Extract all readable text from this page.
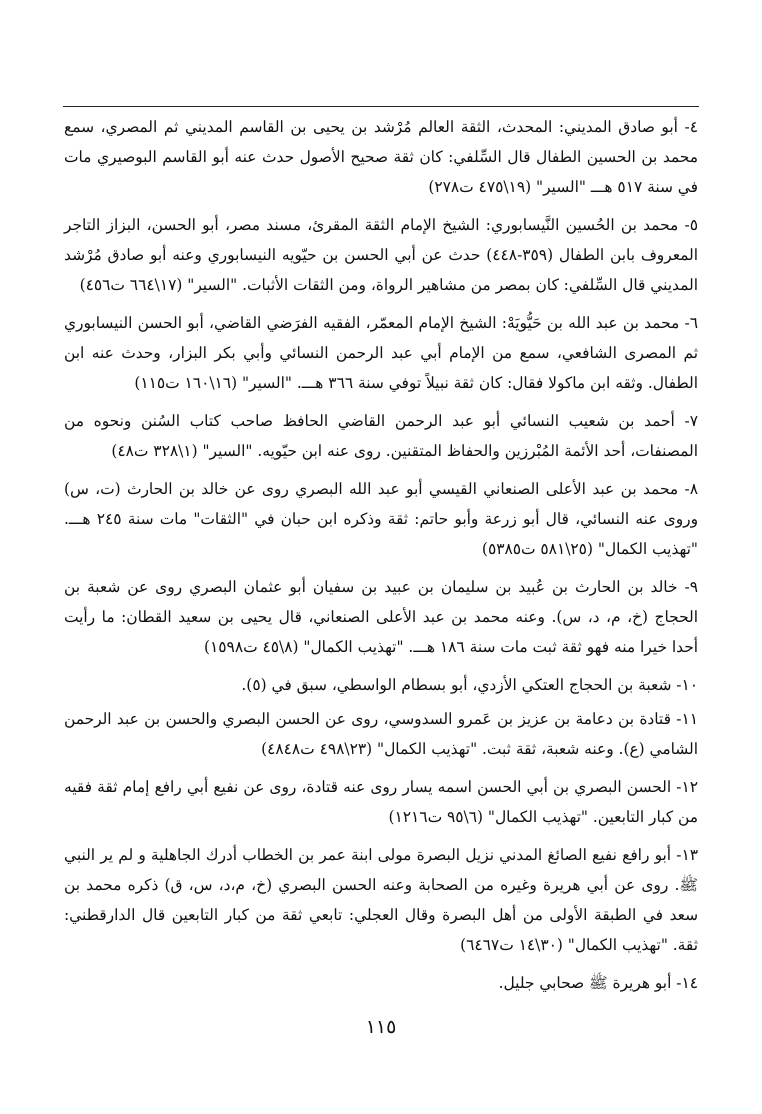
٤- أبو صادق المديني: المحدث، الثقة العالم مُرْشد بن يحيى بن القاسم المديني ثم المصري، سمع محمد بن الحسين الطفال قال السِّلفي: كان ثقة صحيح الأصول حدث عنه أبو القاسم البوصيري مات في سنة ٥١٧ هـــ "السير" (١٩\٤٧٥ ت٢٧٨)

٥- محمد بن الحُسين النَّيسابوري: الشيخ الإمام الثقة المقرئ، مسند مصر، أبو الحسن، البزاز التاجر المعروف بابن الطفال (٣٥٩-٤٤٨) حدث عن أبي الحسن بن حيّويه النيسابوري وعنه أبو صادق مُرْشد المديني قال السِّلفي: كان بمصر من مشاهير الرواة، ومن الثقات الأثبات. "السير" (١٧\٦٦٤ ت٤٥٦)

٦- محمد بن عبد الله بن حَيُّويَهْ: الشيخ الإمام المعمّر، الفقيه الفرَضي القاضي، أبو الحسن النيسابوري ثم المصرى الشافعي، سمع من الإمام أبي عبد الرحمن النسائي وأبي بكر البزار، وحدث عنه ابن الطفال. وثقه ابن ماكولا فقال: كان ثقة نبيلاً توفي سنة ٣٦٦ هـــ. "السير" (١٦\١٦٠ ت١١٥)

٧- أحمد بن شعيب النسائي أبو عبد الرحمن القاضي الحافظ صاحب كتاب السُنن ونحوه من المصنفات، أحد الأئمة المُبْرزين والحفاظ المتقنين. روى عنه ابن حيّويه. "السير" (١\٣٢٨ ت٤٨)

٨- محمد بن عبد الأعلى الصنعاني القيسي أبو عبد الله البصري روى عن خالد بن الحارث (ت، س) وروى عنه النسائي، قال أبو زرعة وأبو حاتم: ثقة وذكره ابن حبان في "الثقات" مات سنة ٢٤٥ هـــ. "تهذيب الكمال" (٢٥\٥٨١ ت٥٣٨٥)

٩- خالد بن الحارث بن عُبيد بن سليمان بن عبيد بن سفيان أبو عثمان البصري روى عن شعبة بن الحجاج (خ، م، د، س). وعنه محمد بن عبد الأعلى الصنعاني، قال يحيى بن سعيد القطان: ما رأيت أحدا خيرا منه فهو ثقة ثبت مات سنة ١٨٦ هـــ. "تهذيب الكمال" (٨\٤٥ ت١٥٩٨)

١٠- شعبة بن الحجاج العتكي الأزدي، أبو بسطام الواسطي، سبق في (٥).

١١- قتادة بن دعامة بن عزيز بن عَمرو السدوسي، روى عن الحسن البصري والحسن بن عبد الرحمن الشامي (ع). وعنه شعبة، ثقة ثبت. "تهذيب الكمال" (٢٣\٤٩٨ ت٤٨٤٨)

١٢- الحسن البصري بن أبي الحسن اسمه يسار روى عنه قتادة، روى عن نفيع أبي رافع إمام ثقة فقيه من كبار التابعين. "تهذيب الكمال" (٦\٩٥ ت١٢١٦)

١٣- أبو رافع نفيع الصائغ المدني نزيل البصرة مولى ابنة عمر بن الخطاب أدرك الجاهلية و لم ير النبي ﷺ. روى عن أبي هريرة وغيره من الصحابة وعنه الحسن البصري (خ، م،د، س، ق) ذكره محمد بن سعد في الطبقة الأولى من أهل البصرة وقال العجلي: تابعي ثقة من كبار التابعين قال الدارقطني: ثقة. "تهذيب الكمال" (٣٠\١٤ ت٦٤٦٧)

١٤- أبو هريرة ﷺ صحابي جليل.

١١٥
